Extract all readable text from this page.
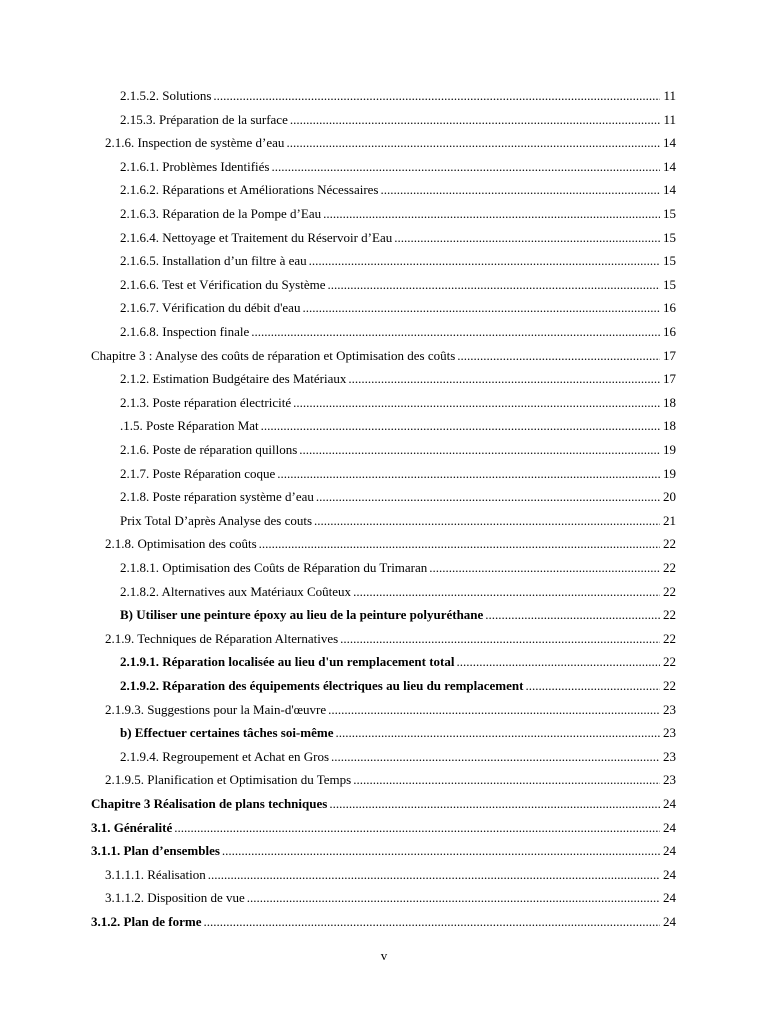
2.1.5.2. Solutions .....	11
2.15.3. Préparation de la surface .....	11
2.1.6. Inspection de système d’eau .....	14
2.1.6.1. Problèmes Identifiés .....	14
2.1.6.2. Réparations et Améliorations Nécessaires .....	14
2.1.6.3. Réparation de la Pompe d’Eau .....	15
2.1.6.4. Nettoyage et Traitement du Réservoir d’Eau .....	15
2.1.6.5. Installation d’un filtre à eau .....	15
2.1.6.6. Test et Vérification du Système .....	15
2.1.6.7. Vérification du débit d'eau .....	16
2.1.6.8. Inspection finale .....	16
Chapitre 3 : Analyse des coûts de réparation et Optimisation des coûts .....	17
2.1.2. Estimation Budgétaire des Matériaux .....	17
2.1.3. Poste réparation électricité .....	18
.1.5. Poste Réparation Mat .....	18
2.1.6. Poste de réparation quillons .....	19
2.1.7. Poste Réparation coque .....	19
2.1.8. Poste réparation système d’eau .....	20
Prix Total D’après Analyse des couts .....	21
2.1.8. Optimisation des coûts .....	22
2.1.8.1. Optimisation des Coûts de Réparation du Trimaran .....	22
2.1.8.2. Alternatives aux Matériaux Coûteux .....	22
B) Utiliser une peinture époxy au lieu de la peinture polyuréthane .....	22
2.1.9. Techniques de Réparation Alternatives .....	22
2.1.9.1. Réparation localisée au lieu d'un remplacement total .....	22
2.1.9.2. Réparation des équipements électriques au lieu du remplacement .....	22
2.1.9.3. Suggestions pour la Main-d'œuvre .....	23
b) Effectuer certaines tâches soi-même .....	23
2.1.9.4. Regroupement et Achat en Gros .....	23
2.1.9.5. Planification et Optimisation du Temps .....	23
Chapitre 3 Réalisation de plans techniques .....	24
3.1. Généralité .....	24
3.1.1. Plan d’ensembles .....	24
3.1.1.1. Réalisation .....	24
3.1.1.2. Disposition de vue .....	24
3.1.2. Plan de forme .....	24
v
